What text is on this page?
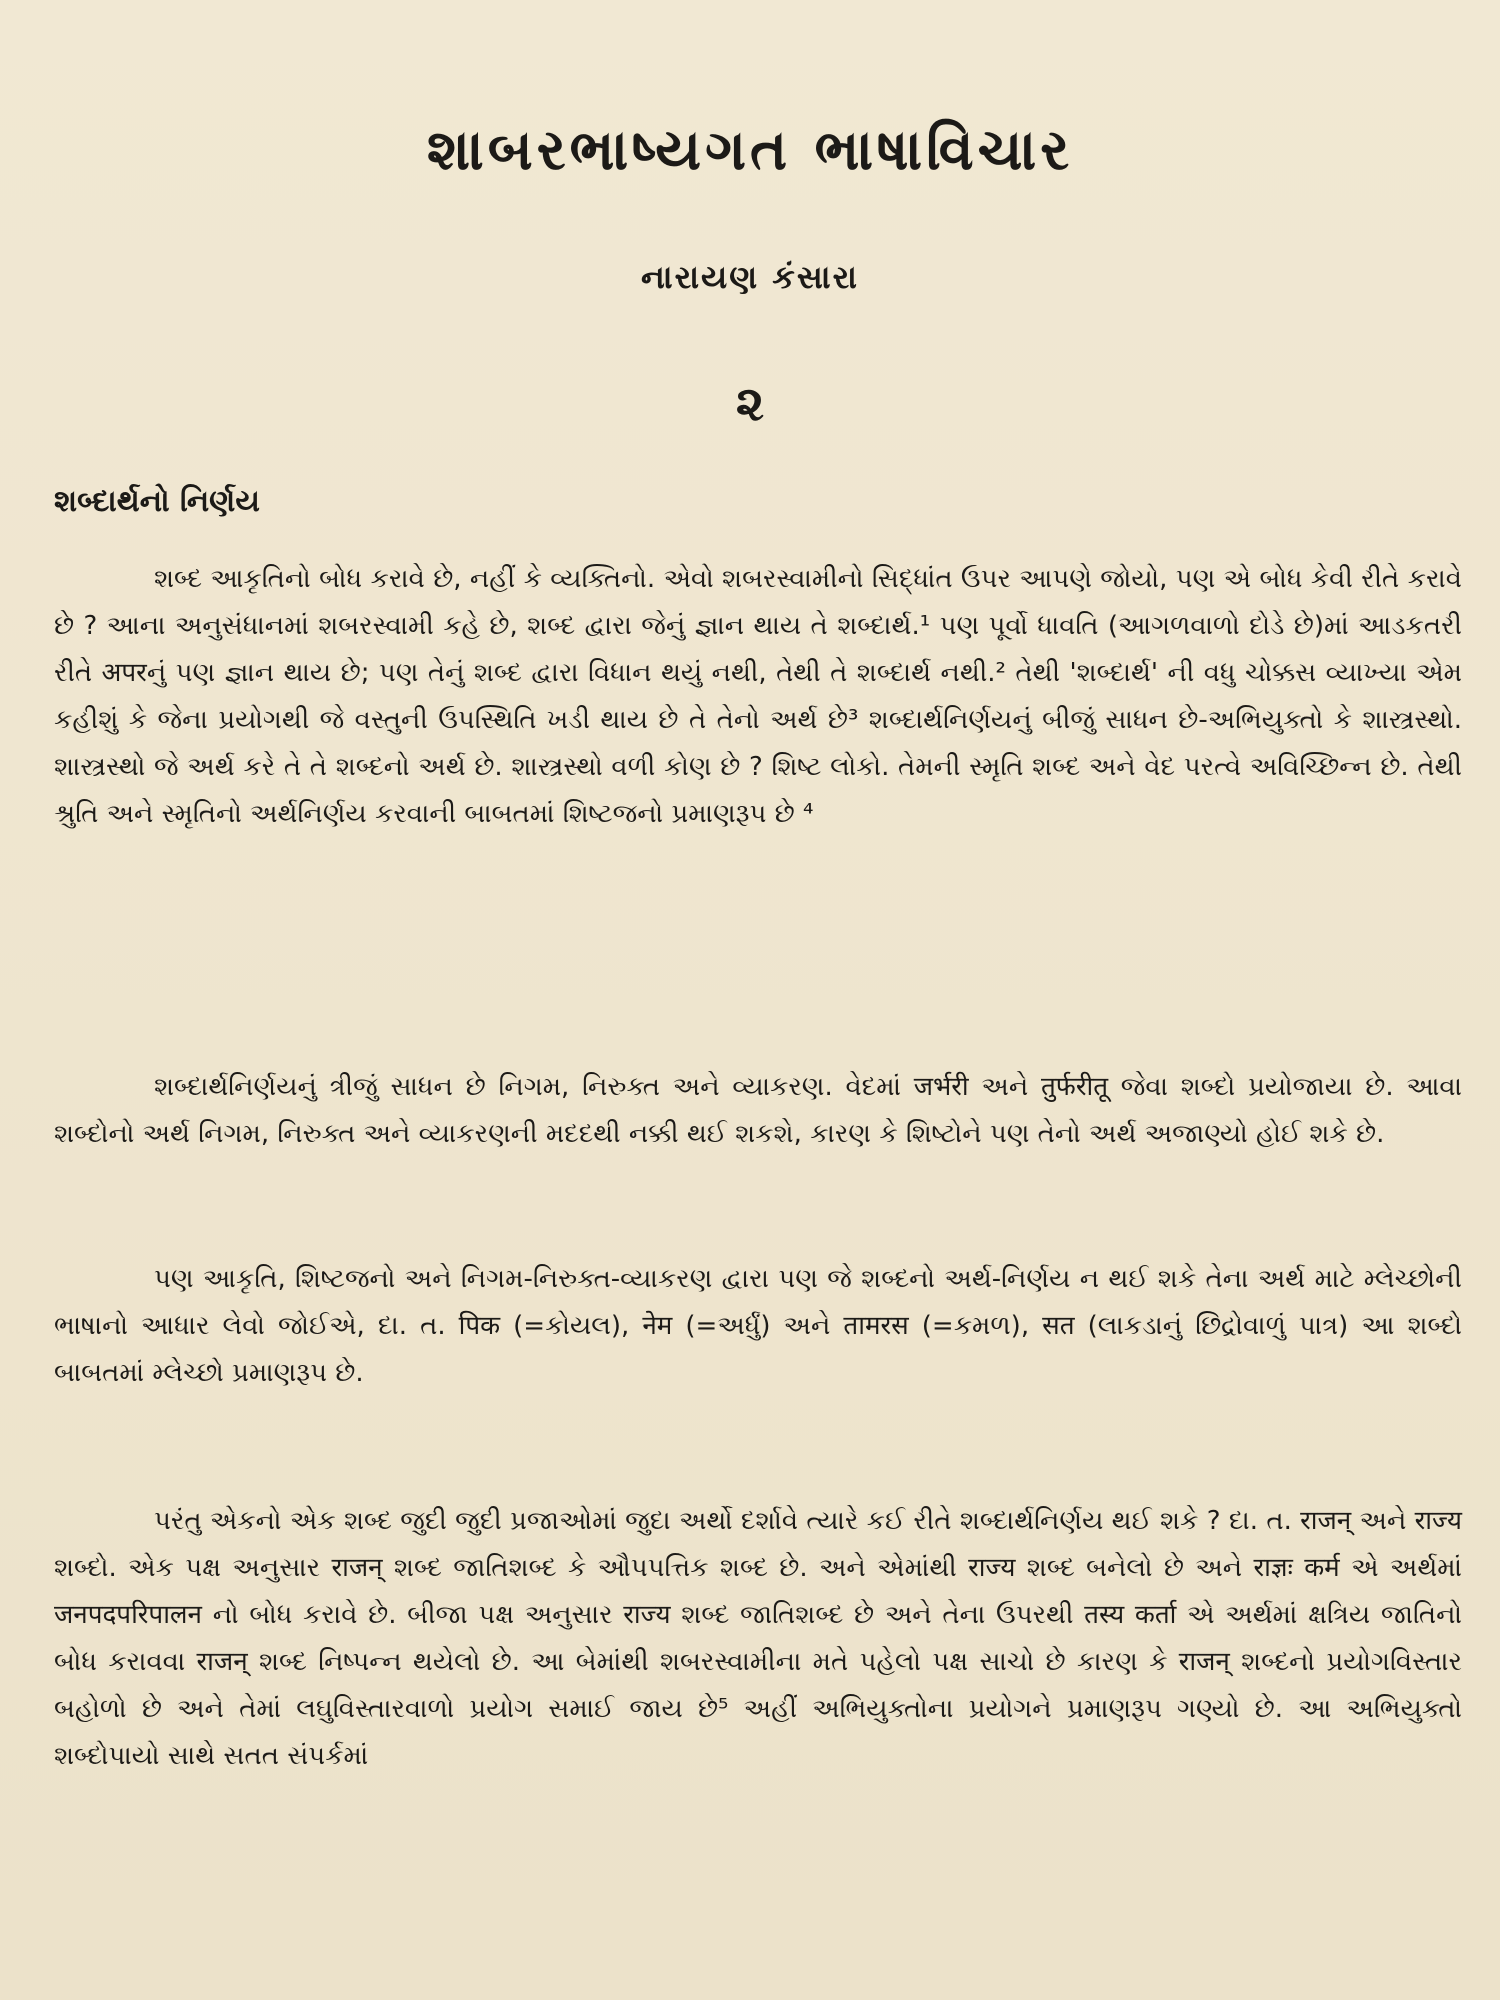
શાબરભાષ્યગત ભાષાવિચાર
નારાયણ કંસારા
૨
શબ્દાર્થનો નિર્ણય

શબ્દ આકૃતિનો બોધ કરાવે છે, નહીં કે વ્યક્તિનો. એવો શબરસ્વામીનો સિદ્ધાંત ઉપર આપણે જોયો, પણ એ બોધ કેવી રીતે કરાવે છે ? આના અનુસંધાનમાં શબરસ્વામી કહે છે, શબ્દ દ્વારા જેનું જ્ઞાન થાય તે શબ્દાર્થ.¹ પણ પૂર્વો ધાવતિ (આગળવાળો દોડે છે)માં આડકતરી રીતે अपरનું પણ જ્ઞાન થાય છે; પણ તેનું શબ્દ દ્વારા વિધાન થયું નથી, તેથી તે શબ્દાર્થ નથી.² તેથી 'શબ્દાર્થ' ની વધુ ચોક્કસ વ્યાખ્યા એમ કહીશું કે જેના પ્રયોગથી જે વસ્તુની ઉપસ્થિતિ ખડી થાય છે તે તેનો અર્થ છે³ શબ્દાર્થનિર્ણયનું બીજું સાધન છે-અભિયુક્તો કે શાસ્ત્રસ્થો. શાસ્ત્રસ્થો જે અર્થ કરે તે તે શબ્દનો અર્થ છે. શાસ્ત્રસ્થો વળી કોણ છે ? શિષ્ટ લોકો. તેમની સ્મૃતિ શબ્દ અને વેદ પરત્વે અવિચ્છિન્ન છે. તેથી શ્રુતિ અને સ્મૃતિનો અર્થનિર્ણય કરવાની બાબતમાં શિષ્ટજનો પ્રમાણરૂપ છે ⁴

શબ્દાર્થનિર્ણયનું ત્રીજું સાધન છે નિગમ, નિરુક્ત અને વ્યાકરણ. વેદમાં जर्भरी અને तुर्फरीतू જેવા શબ્દો પ્રયોજાયા છે. આવા શબ્દોનો અર્થ નિગમ, નિરુક્ત અને વ્યાકરણની મદદથી નક્કી થઈ શકશે, કારણ કે શિષ્ટોને પણ તેનો અર્થ અજાણ્યો હોઈ શકે છે.

પણ આકૃતિ, શિષ્ટજનો અને નિગમ-નિરુક્ત-વ્યાકરણ દ્વારા પણ જે શબ્દનો અર્થ-નિર્ણય ન થઈ શકે તેના અર્થ માટે મ્લેચ્છોની ભાષાનો આધાર લેવો જોઈએ, દા. ત. पिक (=કોયલ), नेम (=અર્ધું) અને तामरस (=કમળ), सत (લાકડાનું છિદ્રોવાળું પાત્ર) આ શબ્દો બાબતમાં મ્લેચ્છો પ્રમાણરૂપ છે.

પરંતુ એકનો એક શબ્દ જુદી જુદી પ્રજાઓમાં જુદા અર્થો દર્શાવે ત્યારે કઈ રીતે શબ્દાર્થનિર્ણય થઈ શકે ? દા. ત. राजन् અને राज्य શબ્દો. એક પક્ષ અનુસાર राजन् શબ્દ જાતિશબ્દ કે ઔપપત્તિક શબ્દ છે. અને એમાંથી राज्य શબ્દ બનેલો છે અને राज्ञः कर्म એ અર્થમાં जनपदपरिपालन નો બોધ કરાવે છે. બીજા પક્ષ અનુસાર राज्य શબ્દ જાતિશબ્દ છે અને તેના ઉપરથી तस्य कर्ता એ અર્થમાં ક્ષત્રિય જાતિનો બોધ કરાવવા राजन् શબ્દ નિષ્પન્ન થયેલો છે. આ બેમાંથી શબરસ્વામીના મતે પહેલો પક્ષ સાચો છે કારણ કે राजन् શબ્દનો પ્રયોગવિસ્તાર બહોળો છે અને તેમાં લઘુવિસ્તારવાળો પ્રયોગ સમાઈ જાય છે⁵ અહીં અભિયુક્તોના પ્રયોગને પ્રમાણરૂપ ગણ્યો છે. આ અભિયુક્તો શબ્દોપાયો સાથે સતત સંપર્કમાં
